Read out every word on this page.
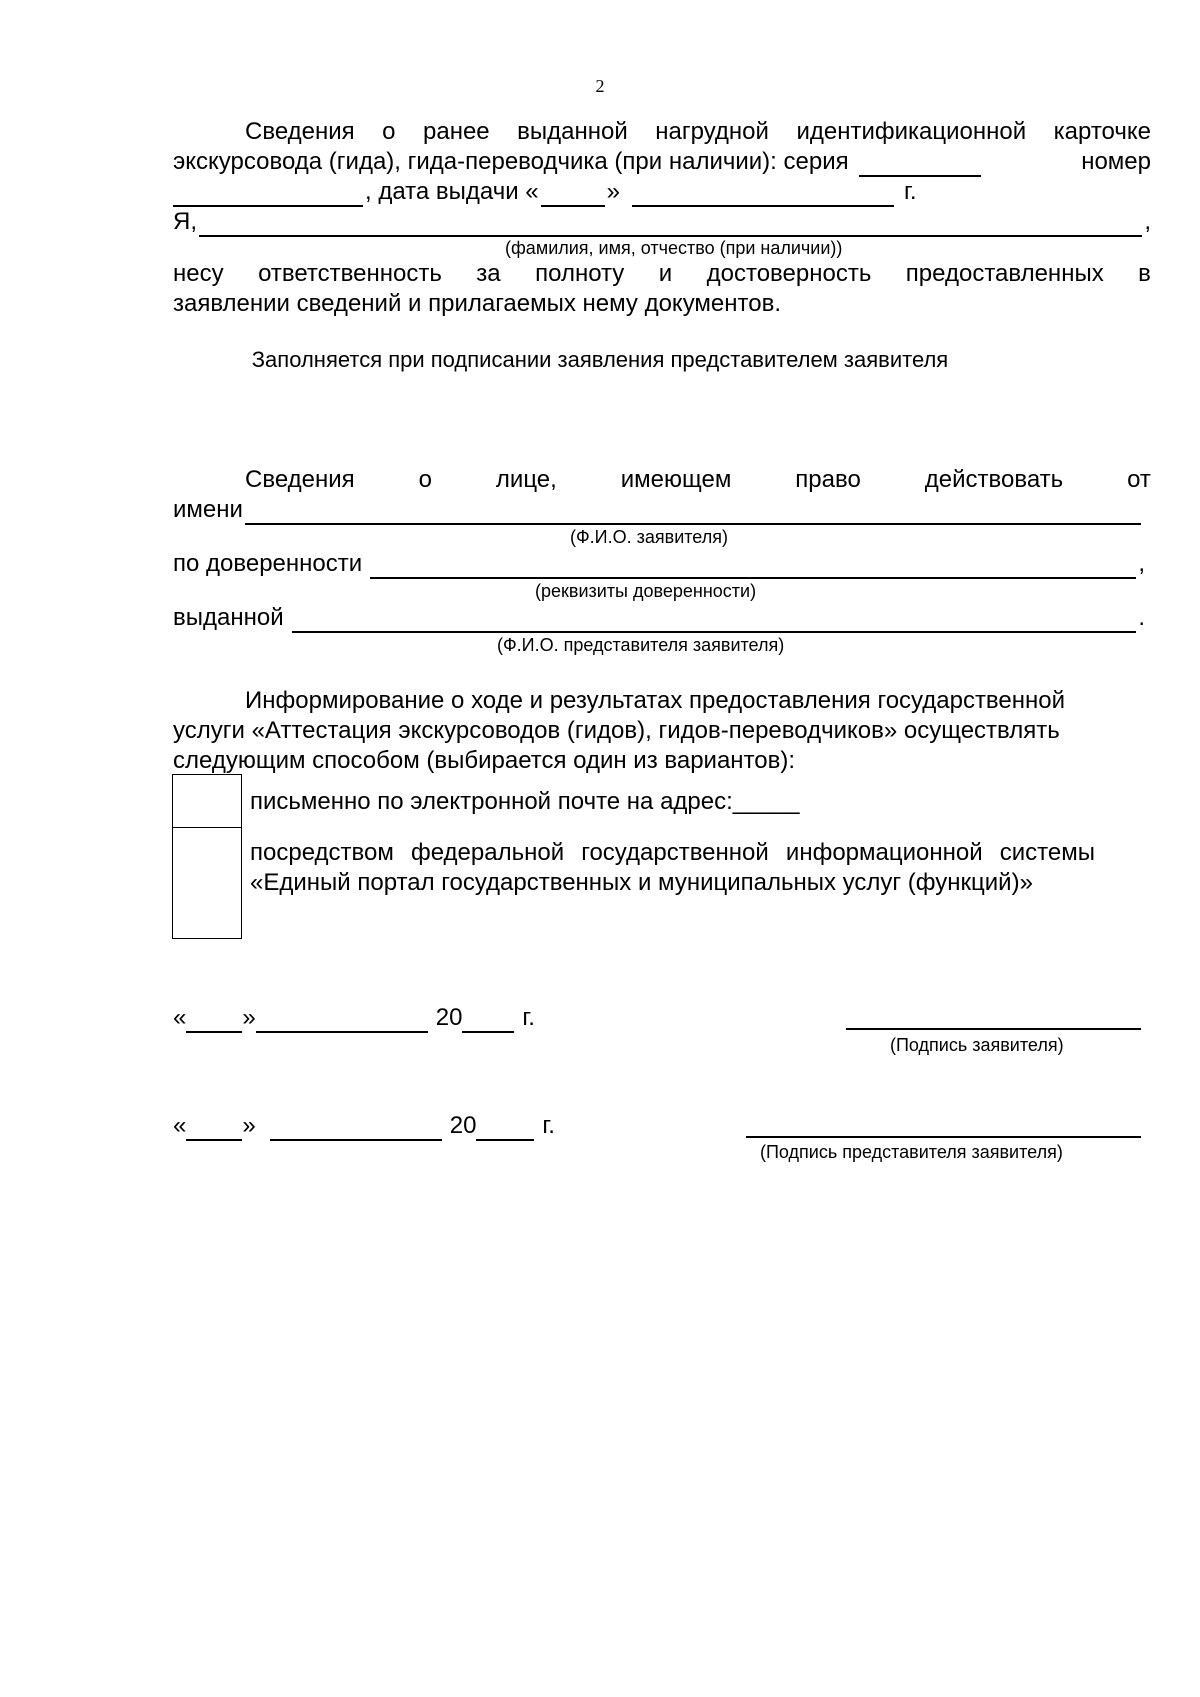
2
Сведения о ранее выданной нагрудной идентификационной карточке
экскурсовода (гида), гида-переводчика (при наличии): серия	номер
, дата выдачи «	»	г.
Я,	,
(фамилия, имя, отчество (при наличии))
несу ответственность за полноту и достоверность предоставленных в
заявлении сведений и прилагаемых нему документов.
Заполняется при подписании заявления представителем заявителя
Сведения	о	лице,	имеющем	право	действовать	от
имени
(Ф.И.О. заявителя)
по доверенности	,
(реквизиты доверенности)
выданной	.
(Ф.И.О. представителя заявителя)
Информирование о ходе и результатах предоставления государственной
услуги «Аттестация экскурсоводов (гидов), гидов-переводчиков» осуществлять
следующим способом (выбирается один из вариантов):
письменно по электронной почте на адрес:_____
посредством федеральной государственной информационной системы «Единый портал государственных и муниципальных услуг (функций)»
« »	20	г.
(Подпись заявителя)
« »	20	г.
(Подпись представителя заявителя)
